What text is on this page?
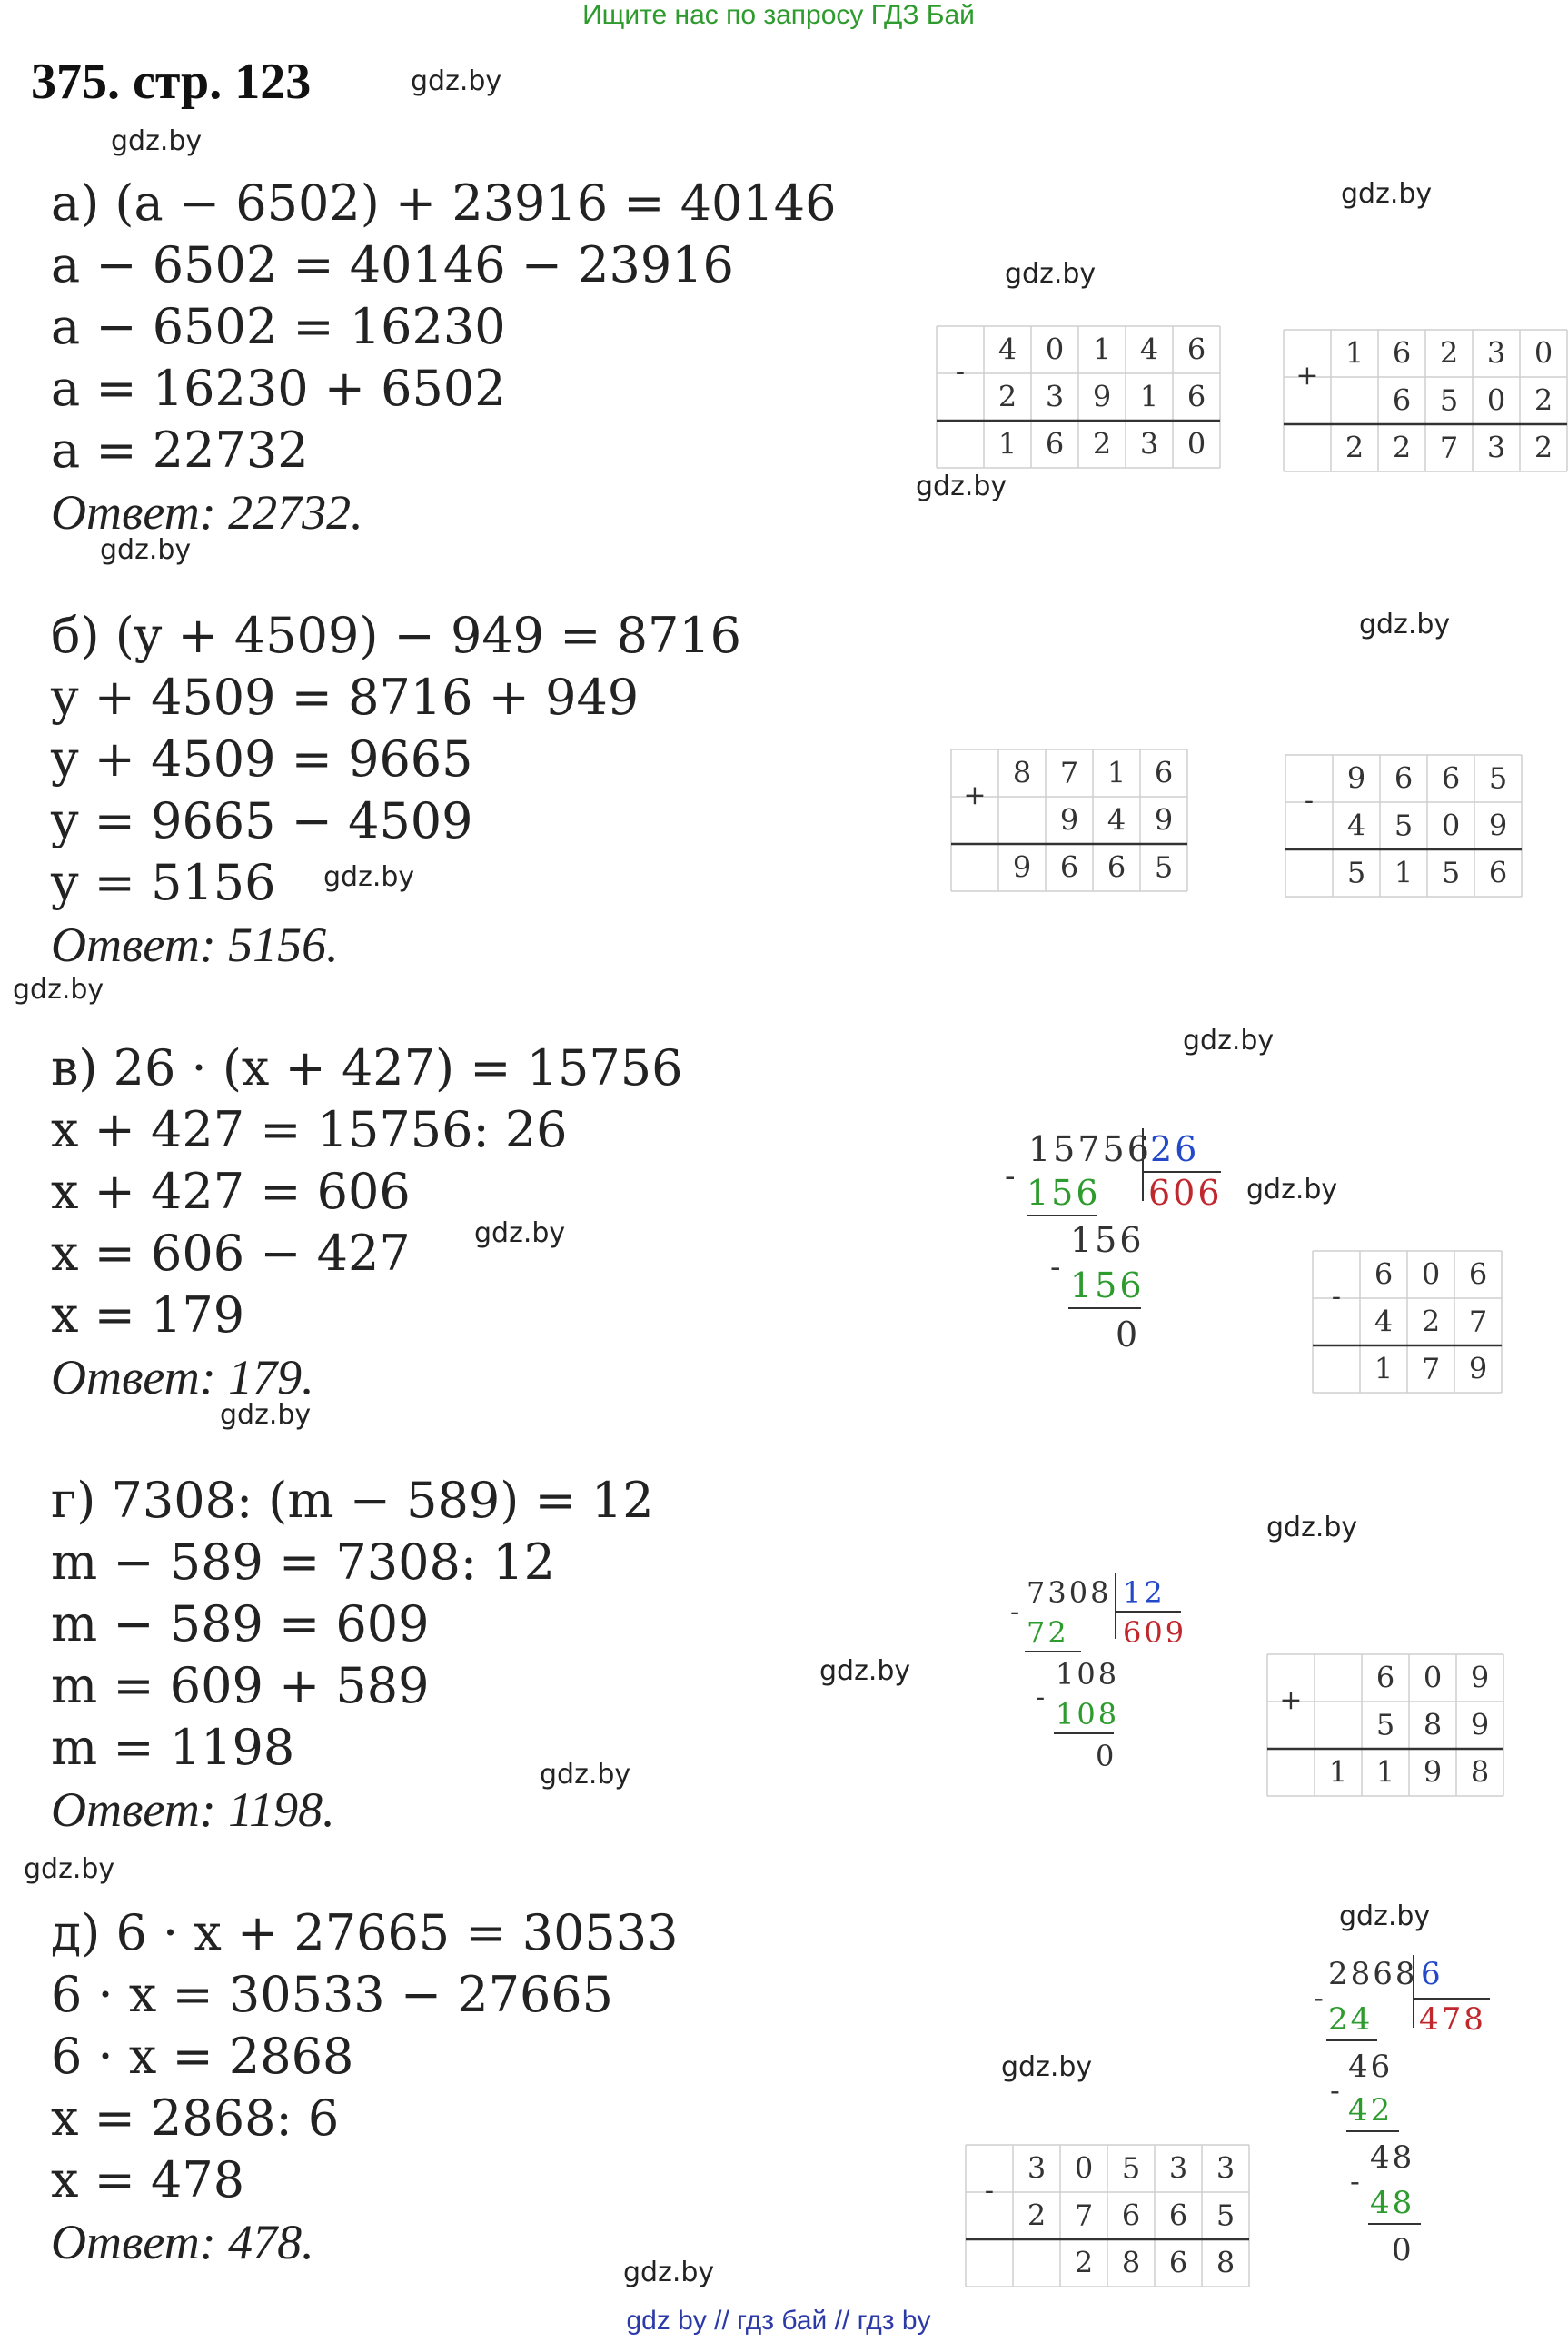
Ищите нас по запросу ГДЗ Бай
375. стр. 123	gdz.by
gdz.by
gdz.by
gdz.by
gdz.by
gdz.by
gdz.by
gdz.by
gdz.by
gdz.by
gdz.by
gdz.by
gdz.by
gdz.by
gdz.by
gdz.by
gdz.by
gdz.by
gdz.by
gdz.by
а) (a − 6502) + 23916 = 40146
a − 6502 = 40146 − 23916
a − 6502 = 16230
a = 16230 + 6502
a = 22732
Ответ: 22732.
б) (y + 4509) − 949 = 8716
y + 4509 = 8716 + 949
y + 4509 = 9665
y = 9665 − 4509
y = 5156
Ответ: 5156.
в) 26 · (x + 427) = 15756
x + 427 = 15756: 26
x + 427 = 606
x = 606 − 427
x = 179
Ответ: 179.
г) 7308: (m − 589) = 12
m − 589 = 7308: 12
m − 589 = 609
m = 609 + 589
m = 1198
Ответ: 1198.
д) 6 · x + 27665 = 30533
6 · x = 30533 − 27665
6 · x = 2868
x = 2868: 6
x = 478
Ответ: 478.
-
4 0 1 4 6
2 3 9 1 6
1 6 2 3 0
+
1 6 2 3 0
6 5 0 2
2 2 7 3 2
+
8 7 1 6
9 4 9
9 6 6 5
-
9 6 6 5
4 5 0 9
5 1 5 6
-
6 0 6
4 2 7
1 7 9
+
6 0 9
5 8 9
1 1 9 8
-
3 0 5 3 3
2 7 6 6 5
2 8 6 8
15756
26
606
- 156
156
- 156
0
7308 12
609
-
72
108
- 108
0
2868 6
478
-
24
46
-
42
48
-
48
0
gdz by // гдз бай // гдз by
